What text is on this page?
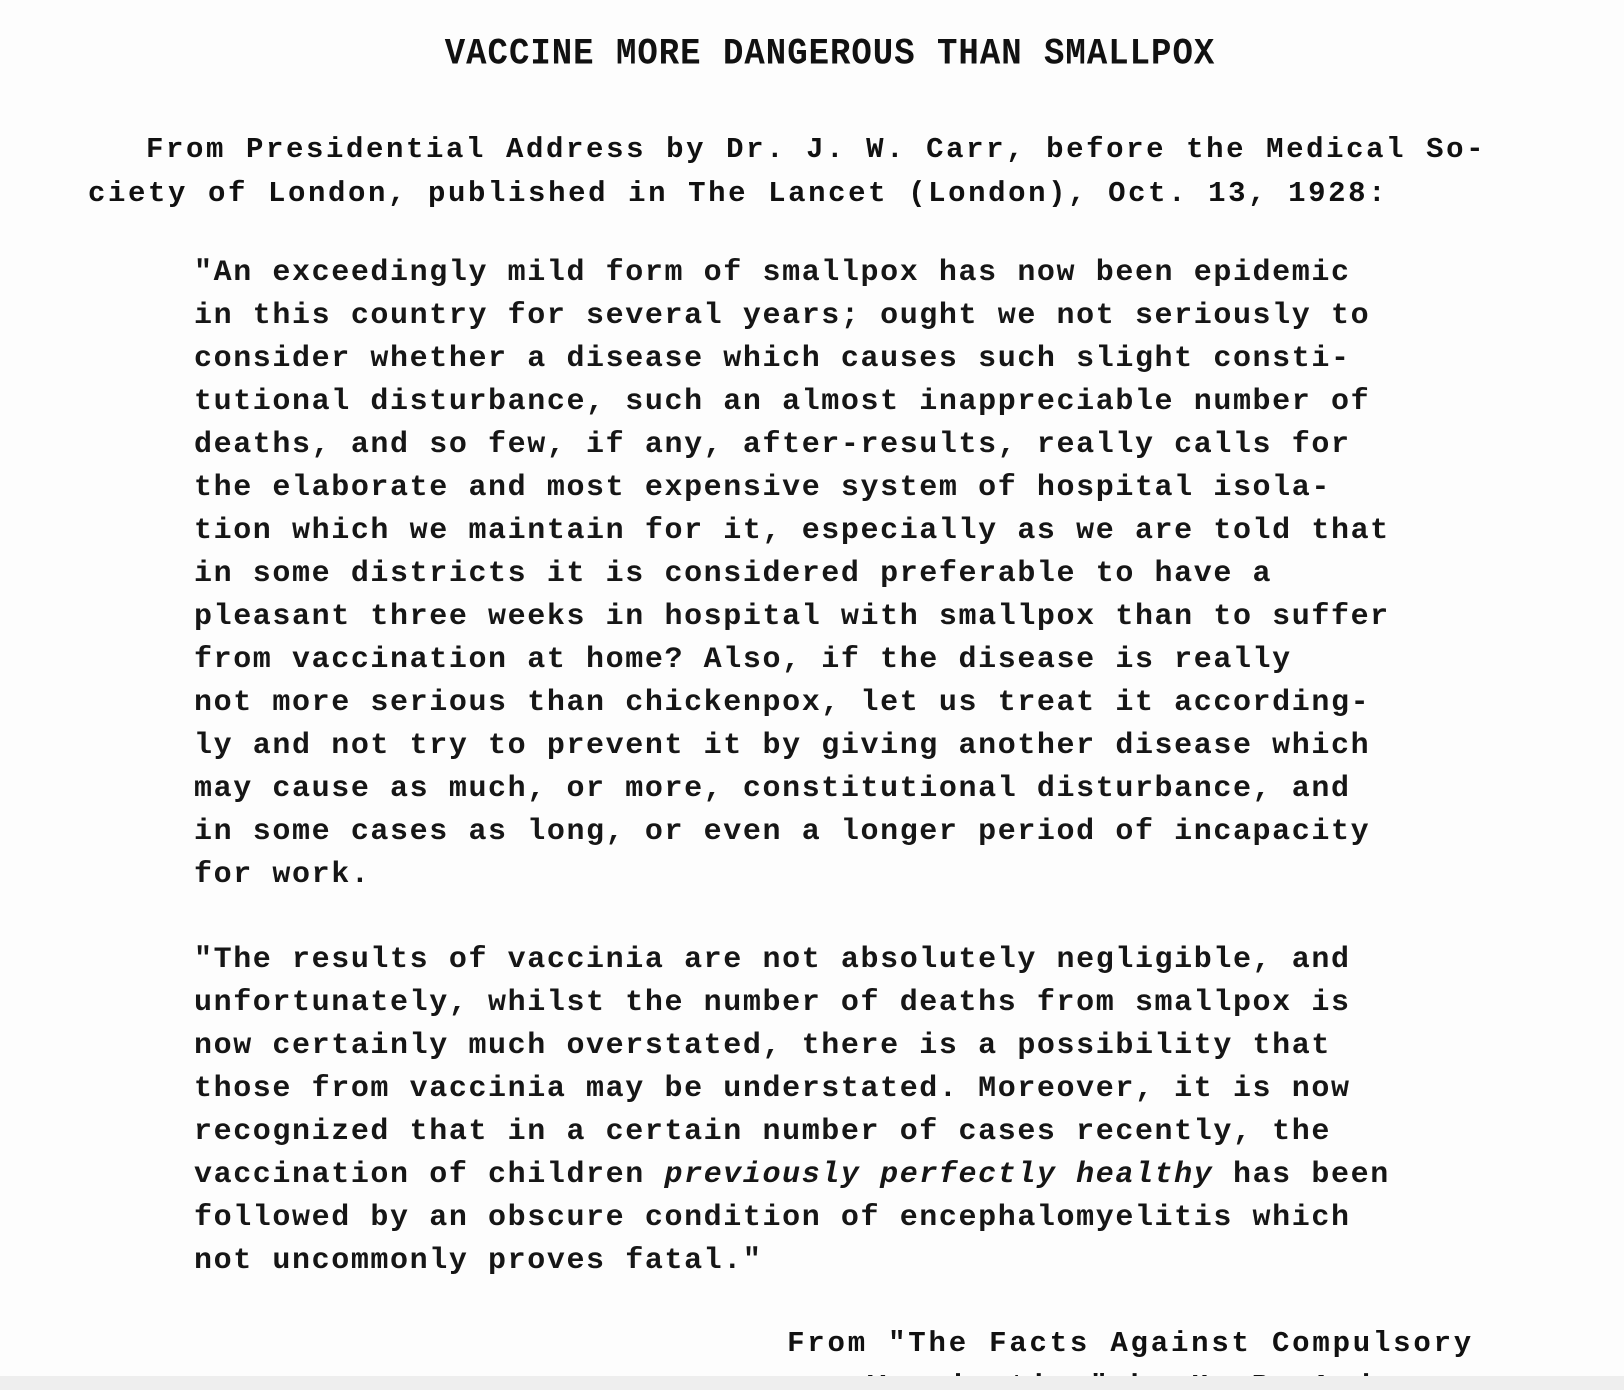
VACCINE MORE DANGEROUS THAN SMALLPOX

From Presidential Address by Dr. J. W. Carr, before the Medical So-
ciety of London, published in The Lancet (London), Oct. 13, 1928:

"An exceedingly mild form of smallpox has now been epidemic
in this country for several years; ought we not seriously to
consider whether a disease which causes such slight consti-
tutional disturbance, such an almost inappreciable number of
deaths, and so few, if any, after-results, really calls for
the elaborate and most expensive system of hospital isola-
tion which we maintain for it, especially as we are told that
in some districts it is considered preferable to have a
pleasant three weeks in hospital with smallpox than to suffer
from vaccination at home? Also, if the disease is really
not more serious than chickenpox, let us treat it according-
ly and not try to prevent it by giving another disease which
may cause as much, or more, constitutional disturbance, and
in some cases as long, or even a longer period of incapacity
for work.

"The results of vaccinia are not absolutely negligible, and
unfortunately, whilst the number of deaths from smallpox is
now certainly much overstated, there is a possibility that
those from vaccinia may be understated. Moreover, it is now
recognized that in a certain number of cases recently, the
vaccination of children previously perfectly healthy has been
followed by an obscure condition of encephalomyelitis which
not uncommonly proves fatal."

From "The Facts Against Compulsory
